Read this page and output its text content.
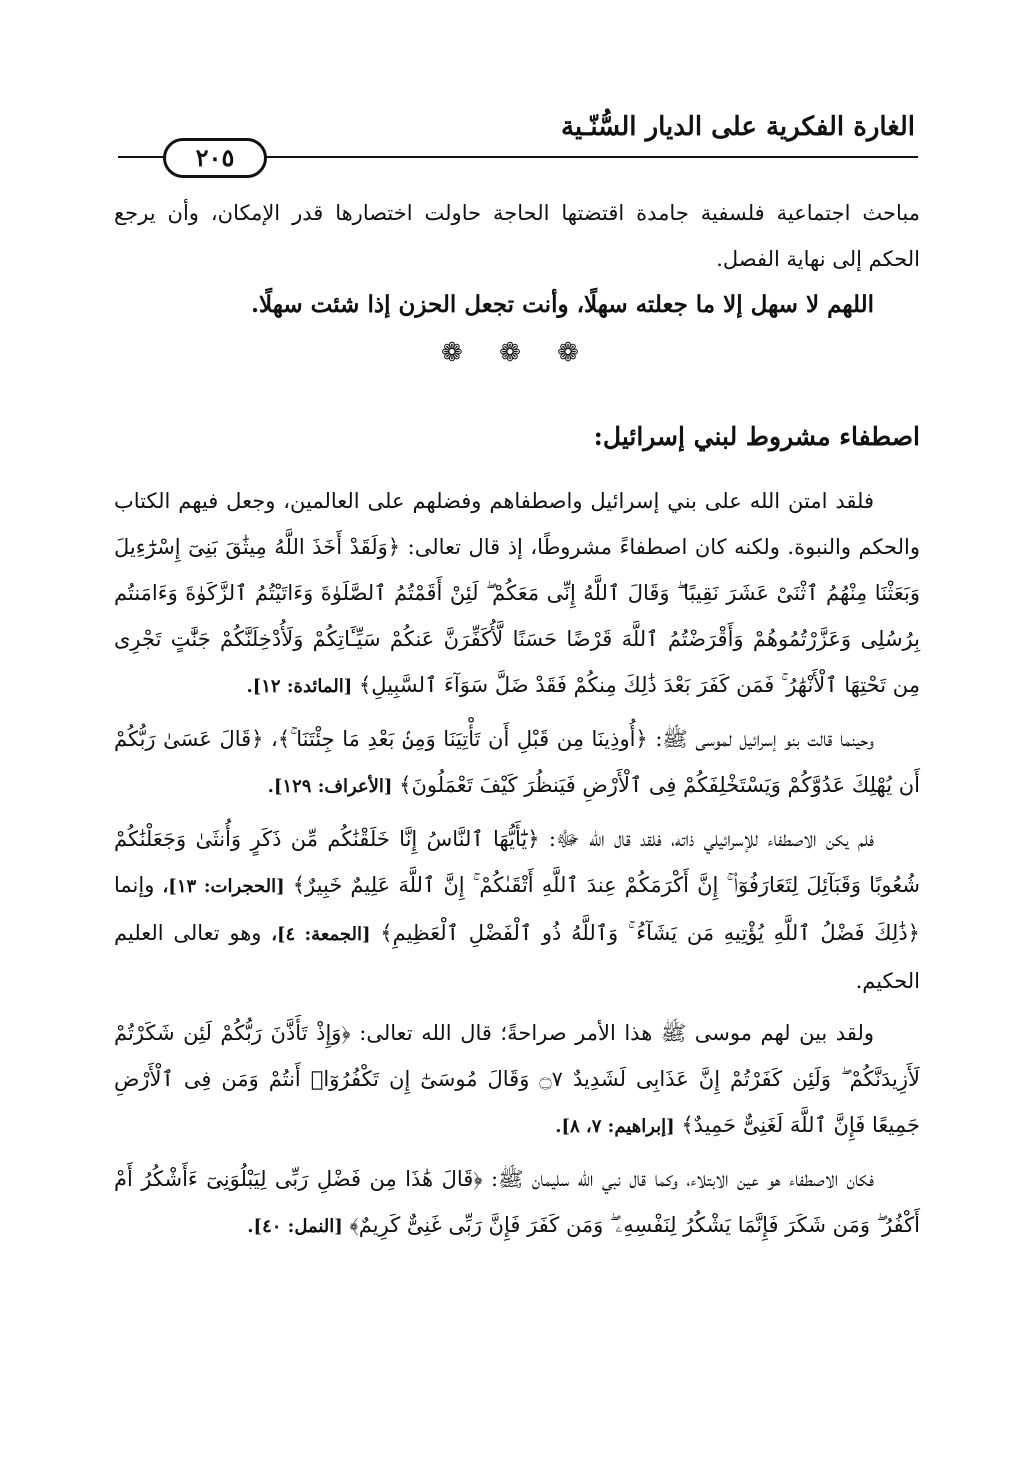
الغارة الفكرية على الديار السُّنّـية
٢٠٥

مباحث اجتماعية فلسفية جامدة اقتضتها الحاجة حاولت اختصارها قدر الإمكان، وأن يرجع الحكم إلى نهاية الفصل.

اللهم لا سهل إلا ما جعلته سهلًا، وأنت تجعل الحزن إذا شئت سهلًا.

❁ ❁ ❁

اصطفاء مشروط لبني إسرائيل:

فلقد امتن الله على بني إسرائيل واصطفاهم وفضلهم على العالمين، وجعل فيهم الكتاب والحكم والنبوة. ولكنه كان اصطفاءً مشروطًا، إذ قال تعالى: ﴿وَلَقَدْ أَخَذَ اللَّهُ مِيثَٰقَ بَنِىٓ إِسْرَٰٓءِيلَ وَبَعَثْنَا مِنْهُمُ ٱثْنَىْ عَشَرَ نَقِيبًا ۖ وَقَالَ ٱللَّهُ إِنِّى مَعَكُمْ ۖ لَئِنْ أَقَمْتُمُ ٱلصَّلَوٰةَ وَءَاتَيْتُمُ ٱلزَّكَوٰةَ وَءَامَنتُم بِرُسُلِى وَعَزَّرْتُمُوهُمْ وَأَقْرَضْتُمُ ٱللَّهَ قَرْضًا حَسَنًا لَّأُكَفِّرَنَّ عَنكُمْ سَيِّـَٔاتِكُمْ وَلَأُدْخِلَنَّكُمْ جَنَّٰتٍ تَجْرِى مِن تَحْتِهَا ٱلْأَنْهَٰرُ ۚ فَمَن كَفَرَ بَعْدَ ذَٰلِكَ مِنكُمْ فَقَدْ ضَلَّ سَوَآءَ ٱلسَّبِيلِ﴾ [المائدة: ١٢].

وحينما قالت بنو إسرائيل لموسى ﷺ: ﴿أُوذِينَا مِن قَبْلِ أَن تَأْتِيَنَا وَمِنۢ بَعْدِ مَا جِئْتَنَا ۚ﴾، ﴿قَالَ عَسَىٰ رَبُّكُمْ أَن يُهْلِكَ عَدُوَّكُمْ وَيَسْتَخْلِفَكُمْ فِى ٱلْأَرْضِ فَيَنظُرَ كَيْفَ تَعْمَلُونَ﴾ [الأعراف: ١٢٩].

فلم يكن الاصطفاء للإسرائيلي ذاته، فلقد قال الله ﷻ: ﴿يَٰٓأَيُّهَا ٱلنَّاسُ إِنَّا خَلَقْنَٰكُم مِّن ذَكَرٍ وَأُنثَىٰ وَجَعَلْنَٰكُمْ شُعُوبًا وَقَبَآئِلَ لِتَعَارَفُوٓا۟ ۚ إِنَّ أَكْرَمَكُمْ عِندَ ٱللَّهِ أَتْقَىٰكُمْ ۚ إِنَّ ٱللَّهَ عَلِيمٌ خَبِيرٌ﴾ [الحجرات: ١٣]، وإنما ﴿ذَٰلِكَ فَضْلُ ٱللَّهِ يُؤْتِيهِ مَن يَشَآءُ ۚ وَٱللَّهُ ذُو ٱلْفَضْلِ ٱلْعَظِيمِ﴾ [الجمعة: ٤]، وهو تعالى العليم الحكيم.

ولقد بين لهم موسى ﷺ هذا الأمر صراحةً؛ قال الله تعالى: ﴿وَإِذْ تَأَذَّنَ رَبُّكُمْ لَئِن شَكَرْتُمْ لَأَزِيدَنَّكُمْ ۖ وَلَئِن كَفَرْتُمْ إِنَّ عَذَابِى لَشَدِيدٌ ۝٧ وَقَالَ مُوسَىٰٓ إِن تَكْفُرُوٓا۟ أَنتُمْ وَمَن فِى ٱلْأَرْضِ جَمِيعًا فَإِنَّ ٱللَّهَ لَغَنِىٌّ حَمِيدٌ﴾ [إبراهيم: ٧، ٨].

فكان الاصطفاء هو عين الابتلاء، وكما قال نبي الله سليمان ﷺ: ﴿قَالَ هَٰذَا مِن فَضْلِ رَبِّى لِيَبْلُوَنِىٓ ءَأَشْكُرُ أَمْ أَكْفُرُ ۖ وَمَن شَكَرَ فَإِنَّمَا يَشْكُرُ لِنَفْسِهِۦ ۖ وَمَن كَفَرَ فَإِنَّ رَبِّى غَنِىٌّ كَرِيمٌ﴾ [النمل: ٤٠].
